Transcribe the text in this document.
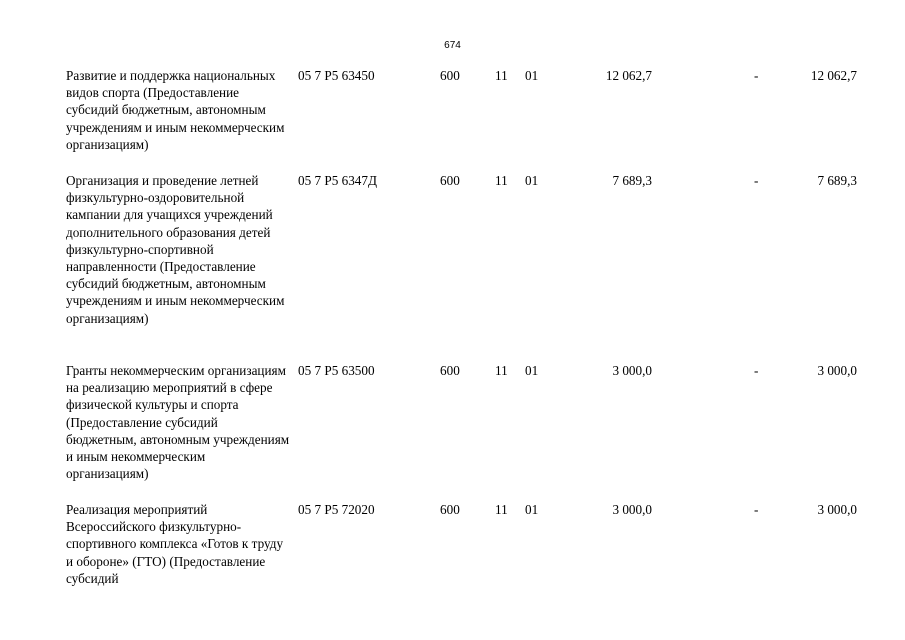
674
Развитие и поддержка национальных видов спорта (Предоставление субсидий бюджетным, автономным учреждениям и иным некоммерческим организациям)
05 7 Р5 63450	600	11 01	12 062,7	-	12 062,7
Организация и проведение летней физкультурно-оздоровительной кампании для учащихся учреждений дополнительного образования детей физкультурно-спортивной направленности (Предоставление субсидий бюджетным, автономным учреждениям и иным некоммерческим организациям)
05 7 Р5 6347Д	600	11 01	7 689,3	-	7 689,3
Гранты некоммерческим организациям на реализацию мероприятий в сфере физической культуры и спорта (Предоставление субсидий бюджетным, автономным учреждениям и иным некоммерческим организациям)
05 7 Р5 63500	600	11 01	3 000,0	-	3 000,0
Реализация мероприятий Всероссийского физкультурно-спортивного комплекса «Готов к труду и обороне» (ГТО) (Предоставление субсидий
05 7 Р5 72020	600	11 01	3 000,0	-	3 000,0
